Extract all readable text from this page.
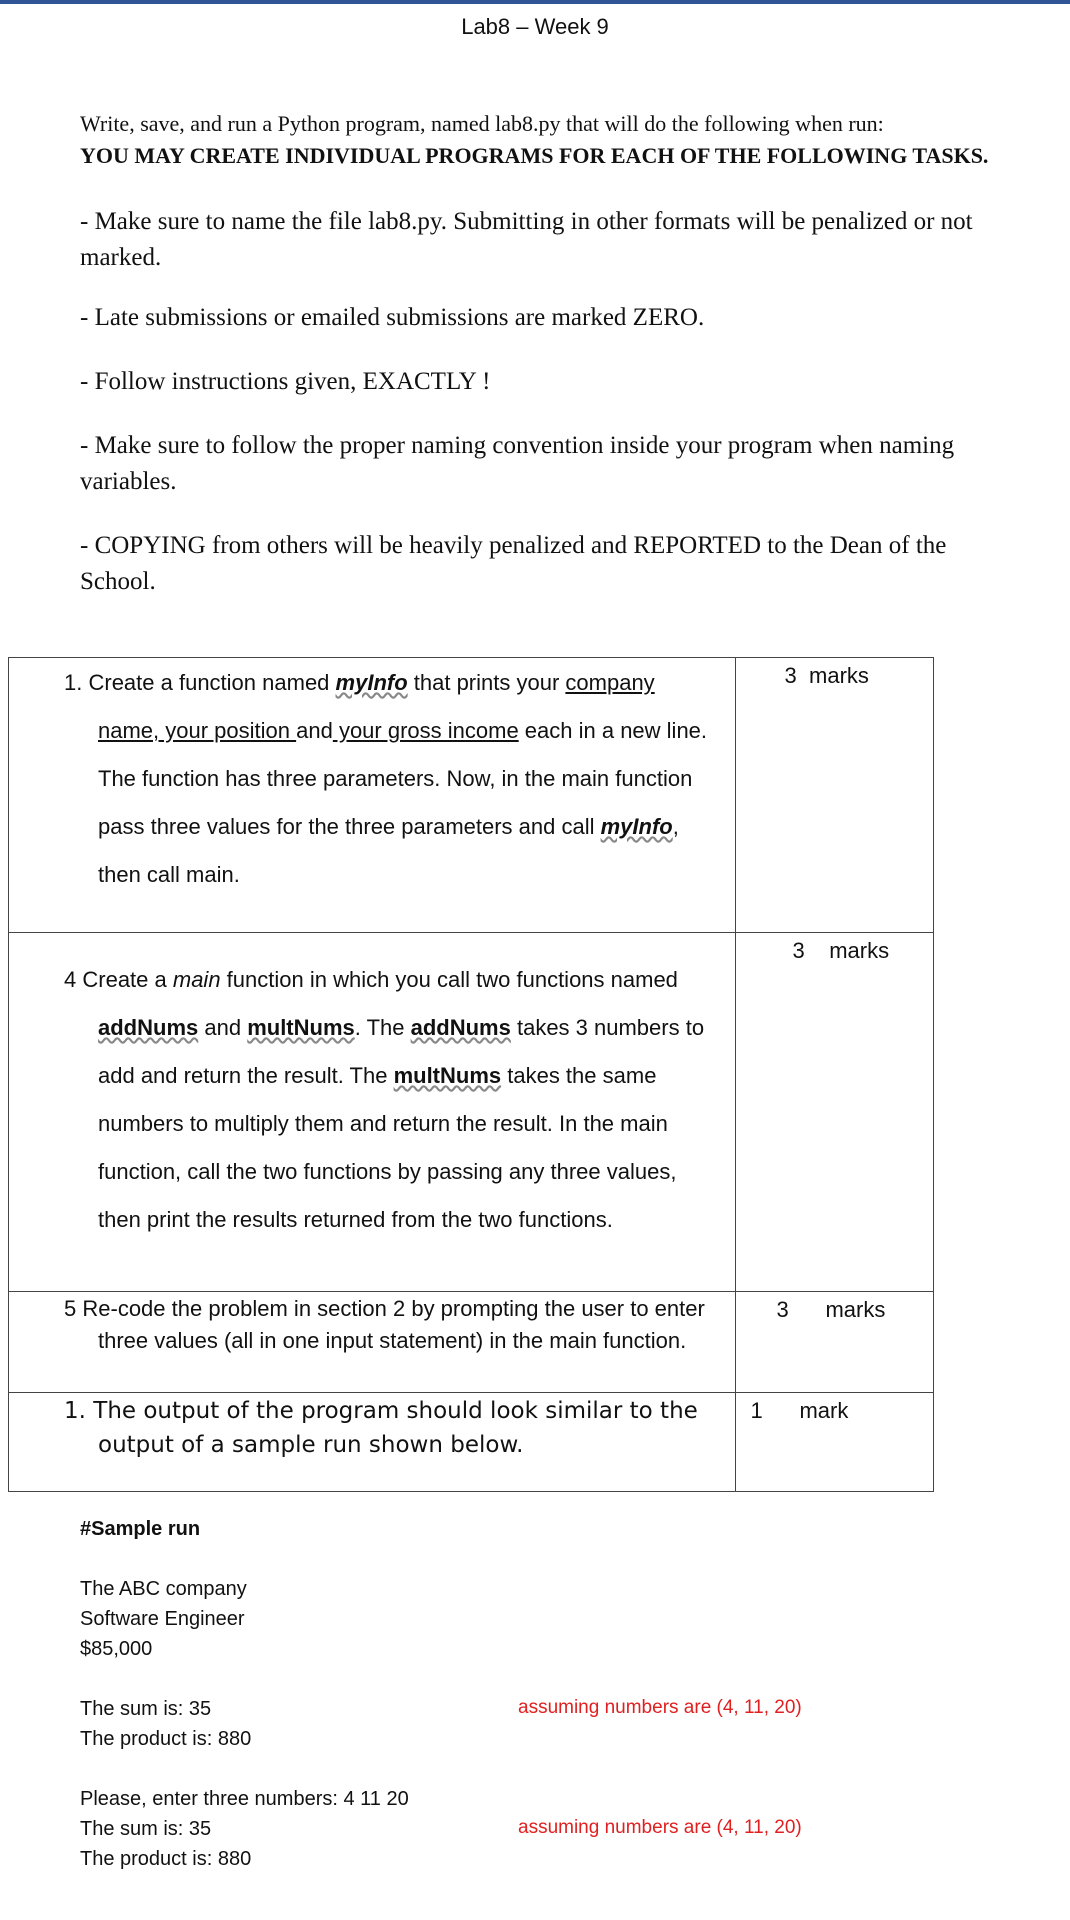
Lab8 – Week 9
Write, save, and run a Python program, named lab8.py that will do the following when run:
YOU MAY CREATE INDIVIDUAL PROGRAMS FOR EACH OF THE FOLLOWING TASKS.
- Make sure to name the file lab8.py. Submitting in other formats will be penalized or not marked.
- Late submissions or emailed submissions are marked ZERO.
- Follow instructions given, EXACTLY !
- Make sure to follow the proper naming convention inside your program when naming variables.
- COPYING from others will be heavily penalized and REPORTED to the Dean of the School.
1. Create a function named myInfo that prints your company name, your position and your gross income each in a new line. The function has three parameters. Now, in the main function pass three values for the three parameters and call myInfo, then call main.	3  marks

4 Create a main function in which you call two functions named addNums and multNums. The addNums takes 3 numbers to add and return the result. The multNums takes the same numbers to multiply them and return the result. In the main function, call the two functions by passing any three values, then print the results returned from the two functions.	3    marks

5 Re-code the problem in section 2 by prompting the user to enter three values (all in one input statement) in the main function.	3      marks

1. The output of the program should look similar to the output of a sample run shown below.	1      mark
#Sample run
The ABC company
Software Engineer
$85,000
The sum is: 35
The product is: 880
assuming numbers are (4, 11, 20)
Please, enter three numbers: 4 11 20
The sum is: 35
The product is: 880
assuming numbers are (4, 11, 20)
